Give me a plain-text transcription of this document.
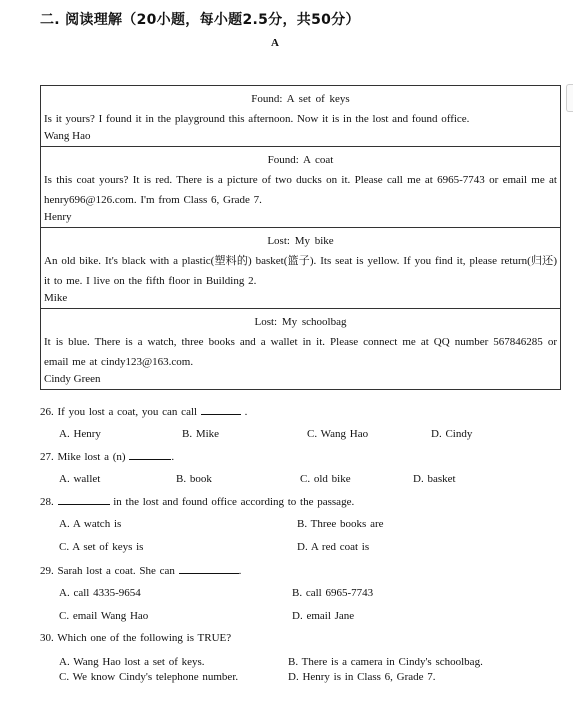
二. 阅读理解（20小题，每小题2.5分，共50分）
A
Found: A set of keys
Is it yours? I found it in the playground this afternoon. Now it is in the lost and found office.
Wang Hao
Found: A coat
Is this coat yours? It is red. There is a picture of two ducks on it. Please call me at 6965-7743 or email me at henry696@126.com. I'm from Class 6, Grade 7.
Henry
Lost: My bike
An old bike. It's black with a plastic(塑料的) basket(篮子). Its seat is yellow. If you find it, please return(归还) it to me. I live on the fifth floor in Building 2.
Mike
Lost: My schoolbag
It is blue. There is a watch, three books and a wallet in it. Please connect me at QQ number 567846285 or email me at cindy123@163.com.
Cindy Green
26. If you lost a coat, you can call	.
A. Henry	B. Mike	C. Wang Hao	D. Cindy
27. Mike lost a (n)	.
A. wallet	B. book	C. old bike	D. basket
28.	in the lost and found office according to the passage.
A. A watch is	B. Three books are
C. A set of keys is	D. A red coat is
29. Sarah lost a coat. She can	.
A. call 4335-9654	B. call 6965-7743
C. email Wang Hao	D. email Jane
30. Which one of the following is TRUE?
A. Wang Hao lost a set of keys.	B. There is a camera in Cindy's schoolbag.
C. We know Cindy's telephone number.	D. Henry is in Class 6, Grade 7.
